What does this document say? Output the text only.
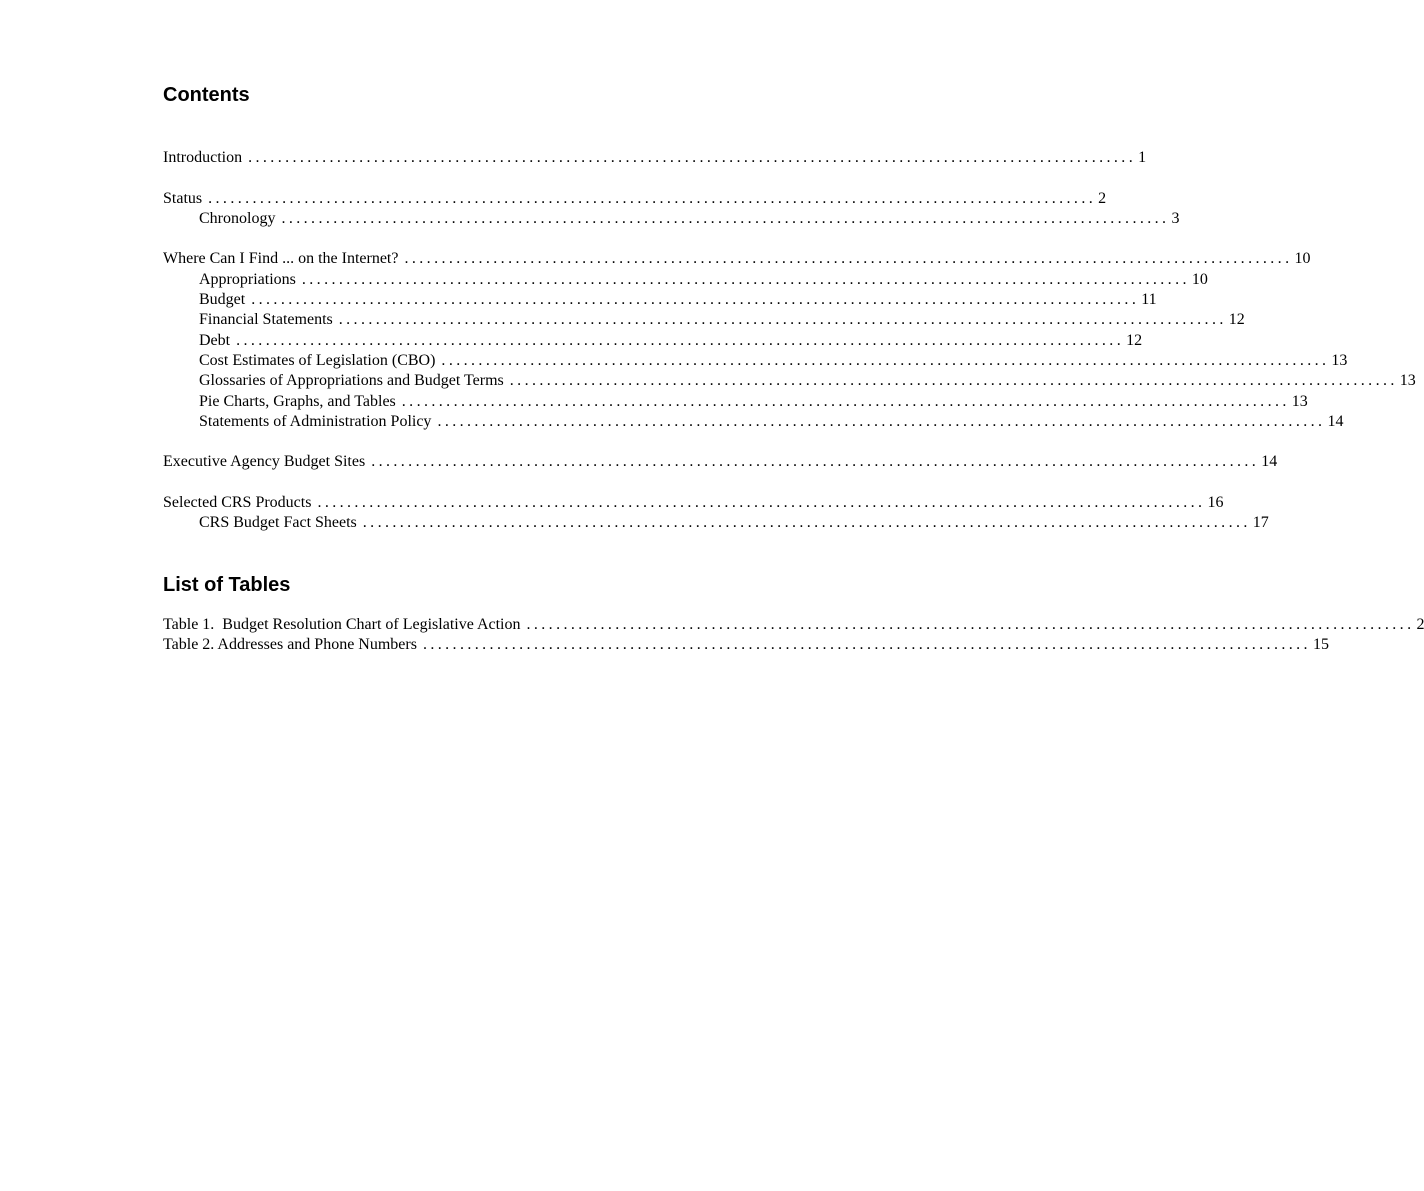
Contents
Introduction ........................................................................................................................ 1
Status ........................................................................................................................ 2
Chronology ........................................................................................................................ 3
Where Can I Find ... on the Internet? ........................................................................................................................ 10
Appropriations ........................................................................................................................ 10
Budget ........................................................................................................................ 11
Financial Statements ........................................................................................................................ 12
Debt ........................................................................................................................ 12
Cost Estimates of Legislation (CBO) ........................................................................................................................ 13
Glossaries of Appropriations and Budget Terms ........................................................................................................................ 13
Pie Charts, Graphs, and Tables ........................................................................................................................ 13
Statements of Administration Policy ........................................................................................................................ 14
Executive Agency Budget Sites ........................................................................................................................ 14
Selected CRS Products ........................................................................................................................ 16
CRS Budget Fact Sheets ........................................................................................................................ 17
List of Tables
Table 1.  Budget Resolution Chart of Legislative Action ........................................................................................................................ 2
Table 2. Addresses and Phone Numbers ........................................................................................................................ 15
